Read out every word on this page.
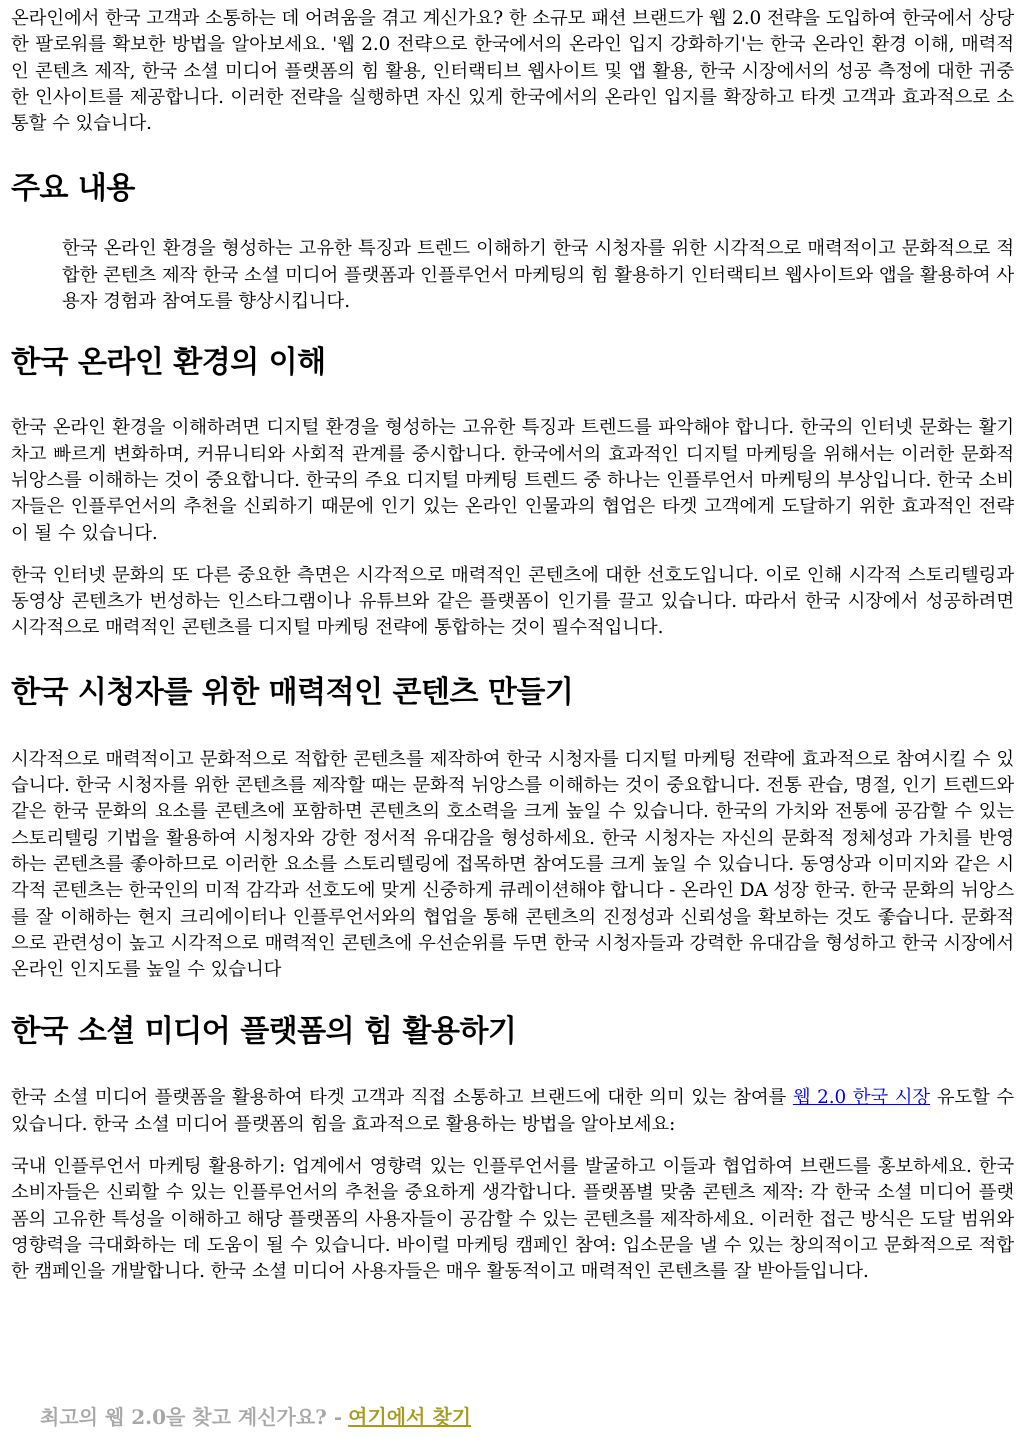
온라인에서 한국 고객과 소통하는 데 어려움을 겪고 계신가요? 한 소규모 패션 브랜드가 웹 2.0 전략을 도입하여 한국에서 상당한 팔로워를 확보한 방법을 알아보세요. '웹 2.0 전략으로 한국에서의 온라인 입지 강화하기'는 한국 온라인 환경 이해, 매력적인 콘텐츠 제작, 한국 소셜 미디어 플랫폼의 힘 활용, 인터랙티브 웹사이트 및 앱 활용, 한국 시장에서의 성공 측정에 대한 귀중한 인사이트를 제공합니다. 이러한 전략을 실행하면 자신 있게 한국에서의 온라인 입지를 확장하고 타겟 고객과 효과적으로 소통할 수 있습니다.

주요 내용

한국 온라인 환경을 형성하는 고유한 특징과 트렌드 이해하기 한국 시청자를 위한 시각적으로 매력적이고 문화적으로 적합한 콘텐츠 제작 한국 소셜 미디어 플랫폼과 인플루언서 마케팅의 힘 활용하기 인터랙티브 웹사이트와 앱을 활용하여 사용자 경험과 참여도를 향상시킵니다.

한국 온라인 환경의 이해

한국 온라인 환경을 이해하려면 디지털 환경을 형성하는 고유한 특징과 트렌드를 파악해야 합니다. 한국의 인터넷 문화는 활기차고 빠르게 변화하며, 커뮤니티와 사회적 관계를 중시합니다. 한국에서의 효과적인 디지털 마케팅을 위해서는 이러한 문화적 뉘앙스를 이해하는 것이 중요합니다. 한국의 주요 디지털 마케팅 트렌드 중 하나는 인플루언서 마케팅의 부상입니다. 한국 소비자들은 인플루언서의 추천을 신뢰하기 때문에 인기 있는 온라인 인물과의 협업은 타겟 고객에게 도달하기 위한 효과적인 전략이 될 수 있습니다.

한국 인터넷 문화의 또 다른 중요한 측면은 시각적으로 매력적인 콘텐츠에 대한 선호도입니다. 이로 인해 시각적 스토리텔링과 동영상 콘텐츠가 번성하는 인스타그램이나 유튜브와 같은 플랫폼이 인기를 끌고 있습니다. 따라서 한국 시장에서 성공하려면 시각적으로 매력적인 콘텐츠를 디지털 마케팅 전략에 통합하는 것이 필수적입니다.

한국 시청자를 위한 매력적인 콘텐츠 만들기

시각적으로 매력적이고 문화적으로 적합한 콘텐츠를 제작하여 한국 시청자를 디지털 마케팅 전략에 효과적으로 참여시킬 수 있습니다. 한국 시청자를 위한 콘텐츠를 제작할 때는 문화적 뉘앙스를 이해하는 것이 중요합니다. 전통 관습, 명절, 인기 트렌드와 같은 한국 문화의 요소를 콘텐츠에 포함하면 콘텐츠의 호소력을 크게 높일 수 있습니다. 한국의 가치와 전통에 공감할 수 있는 스토리텔링 기법을 활용하여 시청자와 강한 정서적 유대감을 형성하세요. 한국 시청자는 자신의 문화적 정체성과 가치를 반영하는 콘텐츠를 좋아하므로 이러한 요소를 스토리텔링에 접목하면 참여도를 크게 높일 수 있습니다. 동영상과 이미지와 같은 시각적 콘텐츠는 한국인의 미적 감각과 선호도에 맞게 신중하게 큐레이션해야 합니다 - 온라인 DA 성장 한국. 한국 문화의 뉘앙스를 잘 이해하는 현지 크리에이터나 인플루언서와의 협업을 통해 콘텐츠의 진정성과 신뢰성을 확보하는 것도 좋습니다. 문화적으로 관련성이 높고 시각적으로 매력적인 콘텐츠에 우선순위를 두면 한국 시청자들과 강력한 유대감을 형성하고 한국 시장에서 온라인 인지도를 높일 수 있습니다

한국 소셜 미디어 플랫폼의 힘 활용하기

한국 소셜 미디어 플랫폼을 활용하여 타겟 고객과 직접 소통하고 브랜드에 대한 의미 있는 참여를 웹 2.0 한국 시장 유도할 수 있습니다. 한국 소셜 미디어 플랫폼의 힘을 효과적으로 활용하는 방법을 알아보세요:

국내 인플루언서 마케팅 활용하기: 업계에서 영향력 있는 인플루언서를 발굴하고 이들과 협업하여 브랜드를 홍보하세요. 한국 소비자들은 신뢰할 수 있는 인플루언서의 추천을 중요하게 생각합니다. 플랫폼별 맞춤 콘텐츠 제작: 각 한국 소셜 미디어 플랫폼의 고유한 특성을 이해하고 해당 플랫폼의 사용자들이 공감할 수 있는 콘텐츠를 제작하세요. 이러한 접근 방식은 도달 범위와 영향력을 극대화하는 데 도움이 될 수 있습니다. 바이럴 마케팅 캠페인 참여: 입소문을 낼 수 있는 창의적이고 문화적으로 적합한 캠페인을 개발합니다. 한국 소셜 미디어 사용자들은 매우 활동적이고 매력적인 콘텐츠를 잘 받아들입니다.

최고의 웹 2.0을 찾고 계신가요? - 여기에서 찾기
